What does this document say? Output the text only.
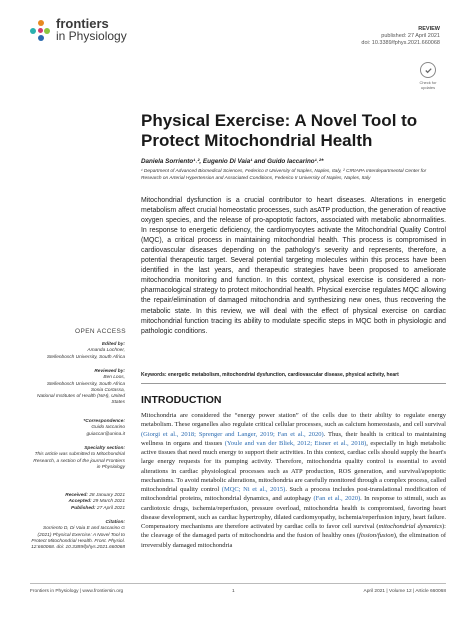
frontiers
in Physiology	REVIEW
published: 27 April 2021
doi: 10.3389/fphys.2021.660068
Check for updates
Physical Exercise: A Novel Tool to Protect Mitochondrial Health
Daniela Sorriento¹˒², Eugenio Di Vaia¹ and Guido Iaccarino¹˒²*
¹ Department of Advanced Biomedical Sciences, Federico II University of Naples, Naples, Italy, ² CIRIAPA Interdepartmental Center for Research on Arterial Hypertension and Associated Conditions, Federico II University of Naples, Naples, Italy
Mitochondrial dysfunction is a crucial contributor to heart diseases. Alterations in energetic metabolism affect crucial homeostatic processes, such asATP production, the generation of reactive oxygen species, and the release of pro-apoptotic factors, associated with metabolic abnormalities. In response to energetic deficiency, the cardiomyocytes activate the Mitochondrial Quality Control (MQC), a critical process in maintaining mitochondrial health. This process is compromised in cardiovascular diseases depending on the pathology's severity and represents, therefore, a potential therapeutic target. Several potential targeting molecules within this process have been identified in the last years, and therapeutic strategies have been proposed to ameliorate mitochondria monitoring and function. In this context, physical exercise is considered a non-pharmacological strategy to protect mitochondrial health. Physical exercise regulates MQC allowing the repair/elimination of damaged mitochondria and synthesizing new ones, thus recovering the metabolic state. In this review, we will deal with the effect of physical exercise on cardiac mitochondrial function tracing its ability to modulate specific steps in MQC both in physiologic and pathologic conditions.
Keywords: energetic metabolism, mitochondrial dysfunction, cardiovascular disease, physical activity, heart
INTRODUCTION
Mitochondria are considered the “energy power station” of the cells due to their ability to regulate energy metabolism. These organelles also regulate critical cellular processes, such as calcium homeostasis, and cell survival (Giorgi et al., 2018; Sprenger and Langer, 2019; Fan et al., 2020). Thus, their health is critical to maintaining wellness in organs and tissues (Youle and van der Bliek, 2012; Eisner et al., 2018), especially in high metabolic active tissues that need much energy to support their activities. In this context, cardiac cells should supply the heart's large energy requests for its pumping activity. Therefore, mitochondria quality control is essential to avoid alterations in cardiac physiological processes such as ATP production, ROS generation, and survival/apoptotic mechanisms. To avoid metabolic alterations, mitochondria are carefully monitored through a complex process, called mitochondrial quality control (MQC; Ni et al., 2015). Such a process includes post-translational modification of mitochondrial proteins, mitochondrial dynamics, and autophagy (Fan et al., 2020). In response to stimuli, such as cardiotoxic drugs, ischemia/reperfusion, pressure overload, mitochondria health is compromised, favoring heart disease development, such as cardiac hypertrophy, dilated cardiomyopathy, ischemia/reperfusion injury, heart failure. Compensatory mechanisms are therefore activated by cardiac cells to favor cell survival (mitochondrial dynamics): the cleavage of the damaged parts of mitochondria and the fusion of healthy ones (fission/fusion), the elimination of irreversibly damaged mitochondria
OPEN ACCESS
Edited by:
Amanda Lochner,
Stellenbosch University, South Africa
Reviewed by:
Ben Loos,
Stellenbosch University, South Africa
Sonia Cortassa,
National Institutes of Health (NIH), United States
*Correspondence:
Guido Iaccarino
guiaccar@unina.it
Specialty section:
This article was submitted to Mitochondrial Research, a section of the journal Frontiers in Physiology
Received: 28 January 2021
Accepted: 29 March 2021
Published: 27 April 2021
Citation:
Sorriento D, Di Vaia E and Iaccarino G (2021) Physical Exercise: A Novel Tool to Protect Mitochondrial Health. Front. Physiol. 12:660068. doi: 10.3389/fphys.2021.660068
Frontiers in Physiology | www.frontiersin.org	1	April 2021 | Volume 12 | Article 660068
